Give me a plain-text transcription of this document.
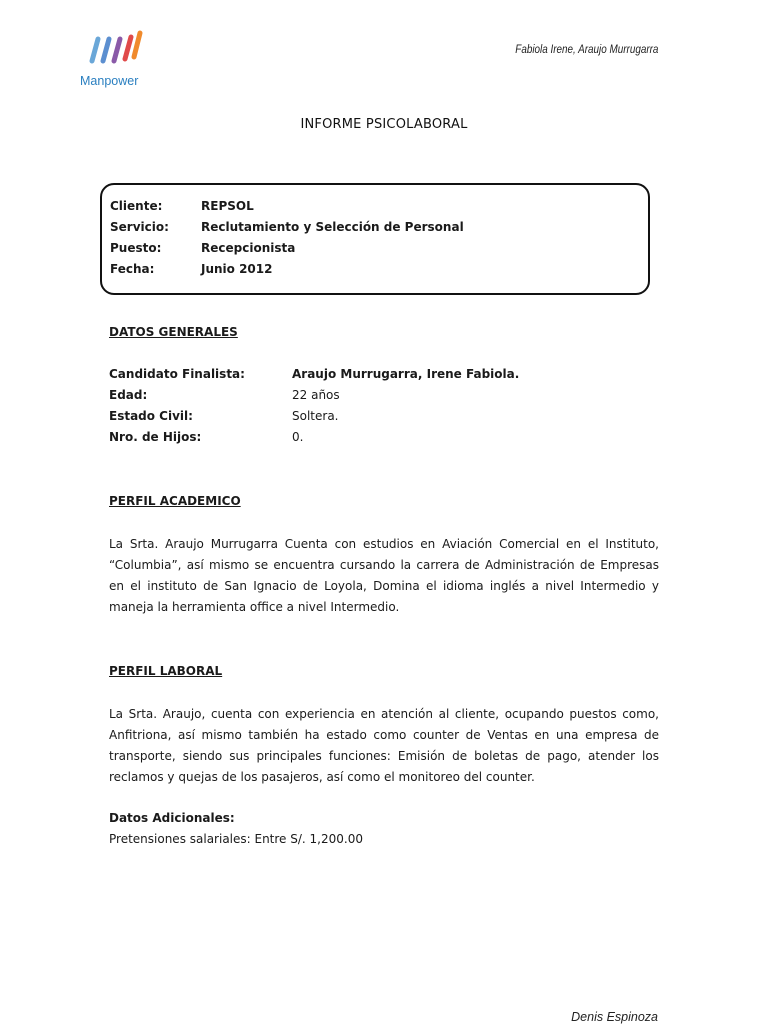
Manpower
Fabiola Irene, Araujo Murrugarra
INFORME PSICOLABORAL
Cliente:	REPSOL
Servicio:	Reclutamiento y Selección de Personal
Puesto:	Recepcionista
Fecha:	Junio 2012
DATOS GENERALES
Candidato Finalista:	Araujo Murrugarra, Irene Fabiola.
Edad:	22 años
Estado Civil:	Soltera.
Nro. de Hijos:	0.
PERFIL ACADEMICO
La Srta. Araujo Murrugarra Cuenta con estudios en Aviación Comercial en el Instituto, “Columbia”, así mismo se encuentra cursando la carrera de Administración de Empresas en el instituto de San Ignacio de Loyola, Domina el idioma inglés a nivel Intermedio y maneja la herramienta office a nivel Intermedio.
PERFIL LABORAL
La Srta. Araujo, cuenta con experiencia en atención al cliente, ocupando puestos como, Anfitriona, así mismo también ha estado como counter de Ventas en una empresa de transporte, siendo sus principales funciones: Emisión de boletas de pago, atender los reclamos y quejas de los pasajeros, así como el monitoreo del counter.
Datos Adicionales:
Pretensiones salariales: Entre S/. 1,200.00
Denis Espinoza
